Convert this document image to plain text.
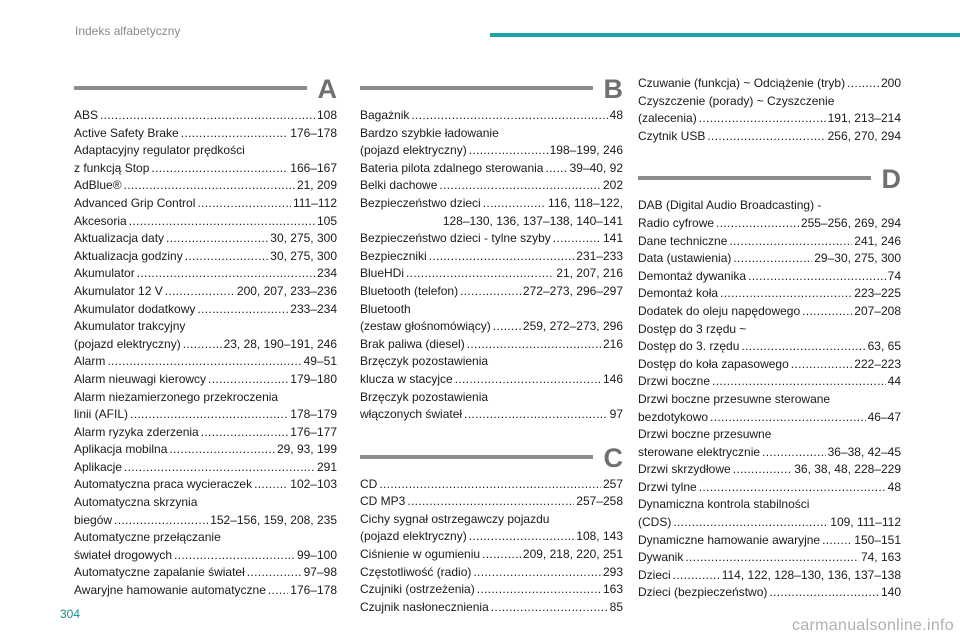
Indeks alfabetyczny
A
ABS . . .	108
Active Safety Brake . . .	176–178
Adaptacyjny regulator prędkości
z funkcją Stop . . .	166–167
AdBlue® . . .	21, 209
Advanced Grip Control . . .	111–112
Akcesoria . . .	105
Aktualizacja daty . . .	30, 275, 300
Aktualizacja godziny . . .	30, 275, 300
Akumulator . . .	234
Akumulator 12 V . . .	200, 207, 233–236
Akumulator dodatkowy . . .	233–234
Akumulator trakcyjny
(pojazd elektryczny) . . .	23, 28, 190–191, 246
Alarm . . .	49–51
Alarm nieuwagi kierowcy . . .	179–180
Alarm niezamierzonego przekroczenia
linii (AFIL) . . .	178–179
Alarm ryzyka zderzenia . . .	176–177
Aplikacja mobilna . . .	29, 93, 199
Aplikacje . . .	291
Automatyczna praca wycieraczek . . .	102–103
Automatyczna skrzynia
biegów . . .	152–156, 159, 208, 235
Automatyczne przełączanie
świateł drogowych . . .	99–100
Automatyczne zapalanie świateł . . .	97–98
Awaryjne hamowanie automatyczne . . . 176–178
B
Bagażnik . . .	48
Bardzo szybkie ładowanie
(pojazd elektryczny) . . .	198–199, 246
Bateria pilota zdalnego sterowania . . . 39–40, 92
Belki dachowe . . .	202
Bezpieczeństwo dzieci . . .	116, 118–122,
128–130, 136, 137–138, 140–141
Bezpieczeństwo dzieci - tylne szyby . . .	141
Bezpieczniki . . .	231–233
BlueHDi . . .	21, 207, 216
Bluetooth (telefon) . . .	272–273, 296–297
Bluetooth
(zestaw głośnomówiący) . . .	259, 272–273, 296
Brak paliwa (diesel) . . .	216
Brzęczyk pozostawienia
klucza w stacyjce . . .	146
Brzęczyk pozostawienia
włączonych świateł . . .	97
C
CD . . .	257
CD MP3 . . .	257–258
Cichy sygnał ostrzegawczy pojazdu
(pojazd elektryczny) . . .	108, 143
Ciśnienie w ogumieniu . . .	209, 218, 220, 251
Częstotliwość (radio) . . .	293
Czujniki (ostrzeżenia) . . .	163
Czujnik nasłonecznienia . . .	85
Czuwanie (funkcja) ~ Odciążenie (tryb) . . .	200
Czyszczenie (porady) ~ Czyszczenie
(zalecenia) . . .	191, 213–214
Czytnik USB . . .	256, 270, 294
D
DAB (Digital Audio Broadcasting) -
Radio cyfrowe . . .	255–256, 269, 294
Dane techniczne . . .	241, 246
Data (ustawienia) . . .	29–30, 275, 300
Demontaż dywanika . . .	74
Demontaż koła . . .	223–225
Dodatek do oleju napędowego . . .	207–208
Dostęp do 3 rzędu ~
Dostęp do 3. rzędu . . .	63, 65
Dostęp do koła zapasowego . . .	222–223
Drzwi boczne . . .	44
Drzwi boczne przesuwne sterowane
bezdotykowo . . .	46–47
Drzwi boczne przesuwne
sterowane elektrycznie . . .	36–38, 42–45
Drzwi skrzydłowe . . .	36, 38, 48, 228–229
Drzwi tylne . . .	48
Dynamiczna kontrola stabilności
(CDS) . . .	109, 111–112
Dynamiczne hamowanie awaryjne . . .	150–151
Dywanik . . .	74, 163
Dzieci . . .	114, 122, 128–130, 136, 137–138
Dzieci (bezpieczeństwo) . . .	140
304
carmanualsonline.info
